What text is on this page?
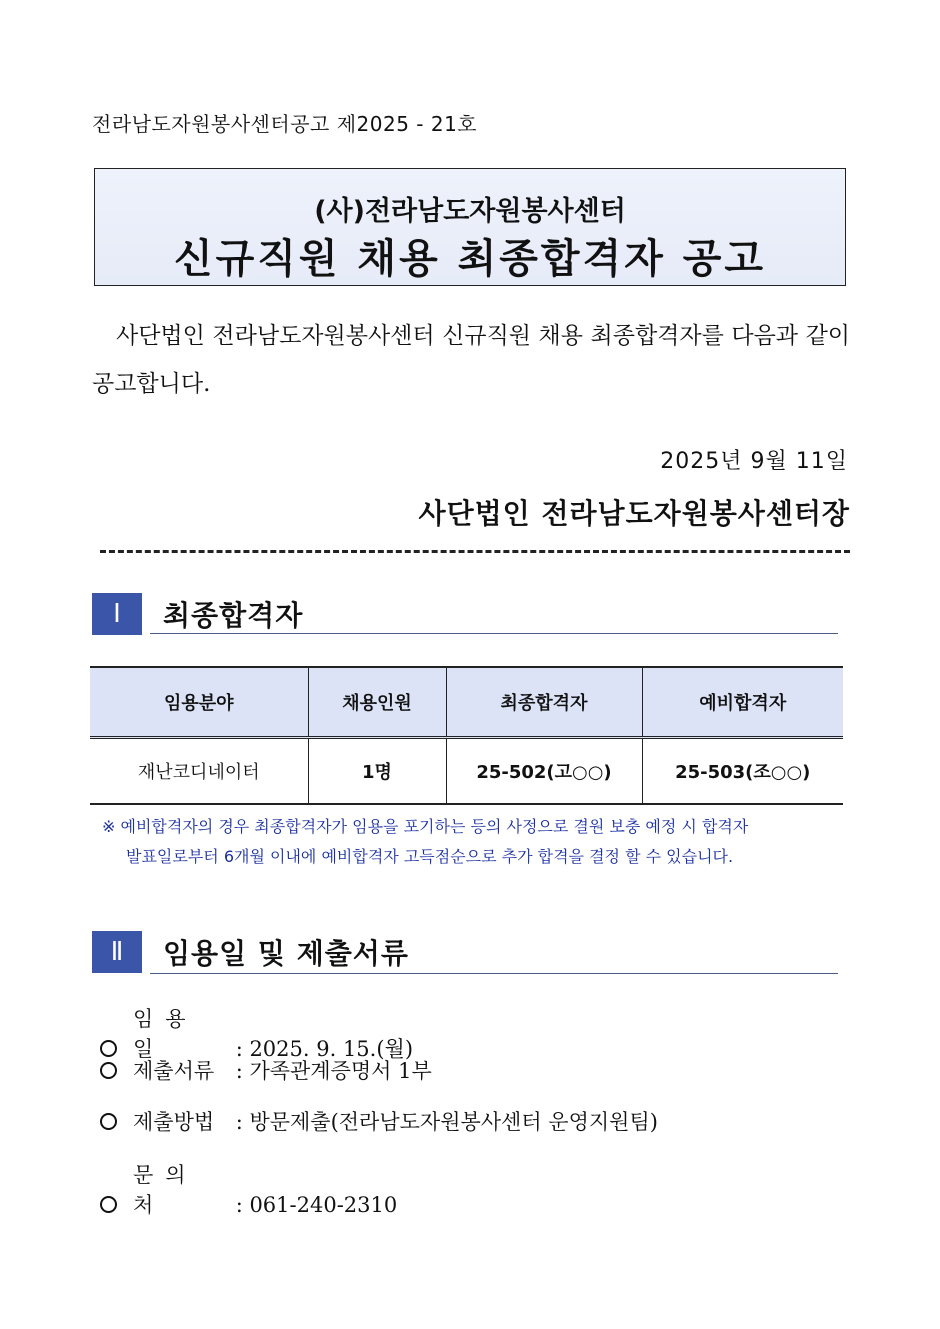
전라남도자원봉사센터공고 제2025 - 21호
(사)전라남도자원봉사센터
신규직원 채용 최종합격자 공고
사단법인 전라남도자원봉사센터 신규직원 채용 최종합격자를 다음과 같이 공고합니다.
2025년 9월 11일
사단법인 전라남도자원봉사센터장
Ⅰ	최종합격자
임용분야	채용인원	최종합격자	예비합격자
재난코디네이터	1명	25-502(고○○)	25-503(조○○)
※ 예비합격자의 경우 최종합격자가 임용을 포기하는 등의 사정으로 결원 보충 예정 시 합격자
발표일로부터 6개월 이내에 예비합격자 고득점순으로 추가 합격을 결정 할 수 있습니다.
Ⅱ	임용일 및 제출서류
임용일	: 2025. 9. 15.(월)
제출서류 : 가족관계증명서 1부
제출방법 : 방문제출(전라남도자원봉사센터 운영지원팀)
문의처	: 061-240-2310
